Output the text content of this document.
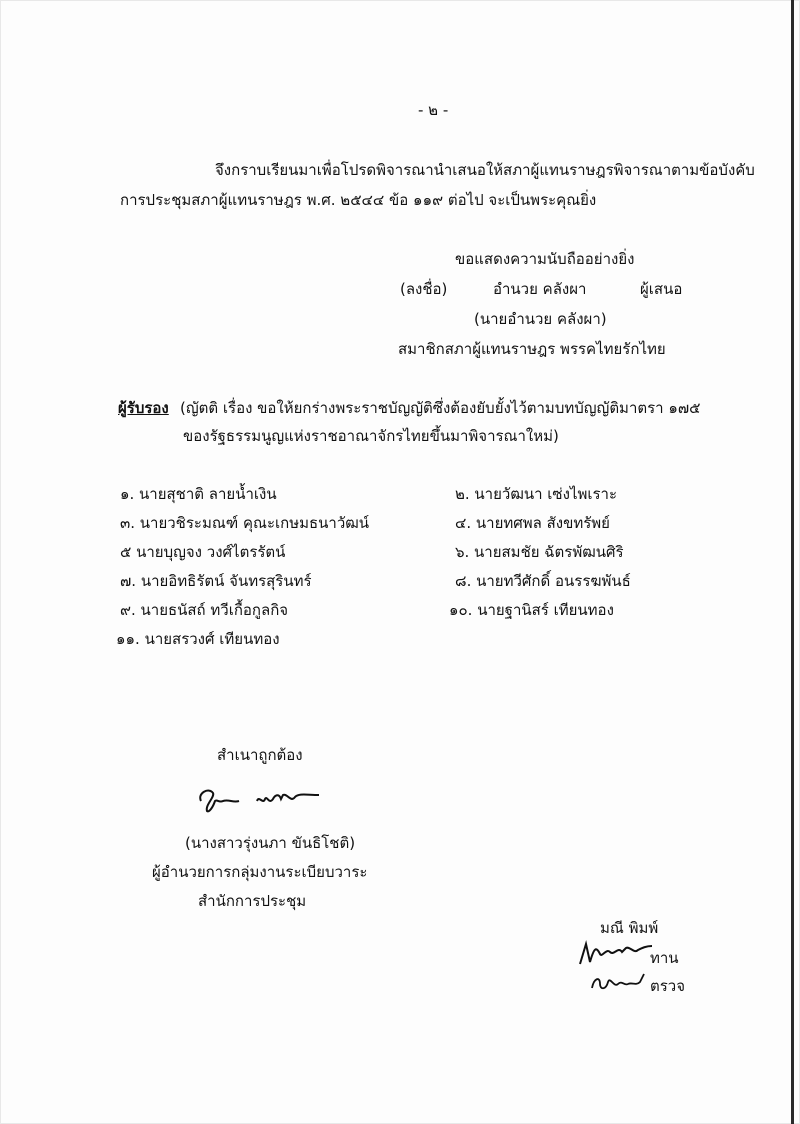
- ๒ -
จึงกราบเรียนมาเพื่อโปรดพิจารณานำเสนอให้สภาผู้แทนราษฎรพิจารณาตามข้อบังคับ
การประชุมสภาผู้แทนราษฎร พ.ศ. ๒๕๔๔ ข้อ ๑๑๙ ต่อไป จะเป็นพระคุณยิ่ง
ขอแสดงความนับถืออย่างยิ่ง
(ลงชื่อ)	อำนวย คลังผา	ผู้เสนอ
(นายอำนวย คลังผา)
สมาชิกสภาผู้แทนราษฎร พรรคไทยรักไทย
ผู้รับรอง (ญัตติ เรื่อง ขอให้ยกร่างพระราชบัญญัติซึ่งต้องยับยั้งไว้ตามบทบัญญัติมาตรา ๑๗๕
ของรัฐธรรมนูญแห่งราชอาณาจักรไทยขึ้นมาพิจารณาใหม่)
๑. นายสุชาติ ลายน้ำเงิน
๓. นายวชิระมณฑ์ คุณะเกษมธนาวัฒน์
๕ นายบุญจง วงศ์ไตรรัตน์
๗. นายอิทธิรัตน์ จันทรสุรินทร์
๙. นายธนัสถ์ ทวีเกื้อกูลกิจ
๑๑. นายสรวงศ์ เทียนทอง
๒. นายวัฒนา เซ่งไพเราะ
๔. นายทศพล สังขทรัพย์
๖. นายสมชัย ฉัตรพัฒนศิริ
๘. นายทวีศักดิ์ อนรรฆพันธ์
๑๐. นายฐานิสร์ เทียนทอง
สำเนาถูกต้อง
(นางสาวรุ่งนภา ขันธิโชติ)
ผู้อำนวยการกลุ่มงานระเบียบวาระ
สำนักการประชุม
มณี พิมพ์
ทาน
ตรวจ
